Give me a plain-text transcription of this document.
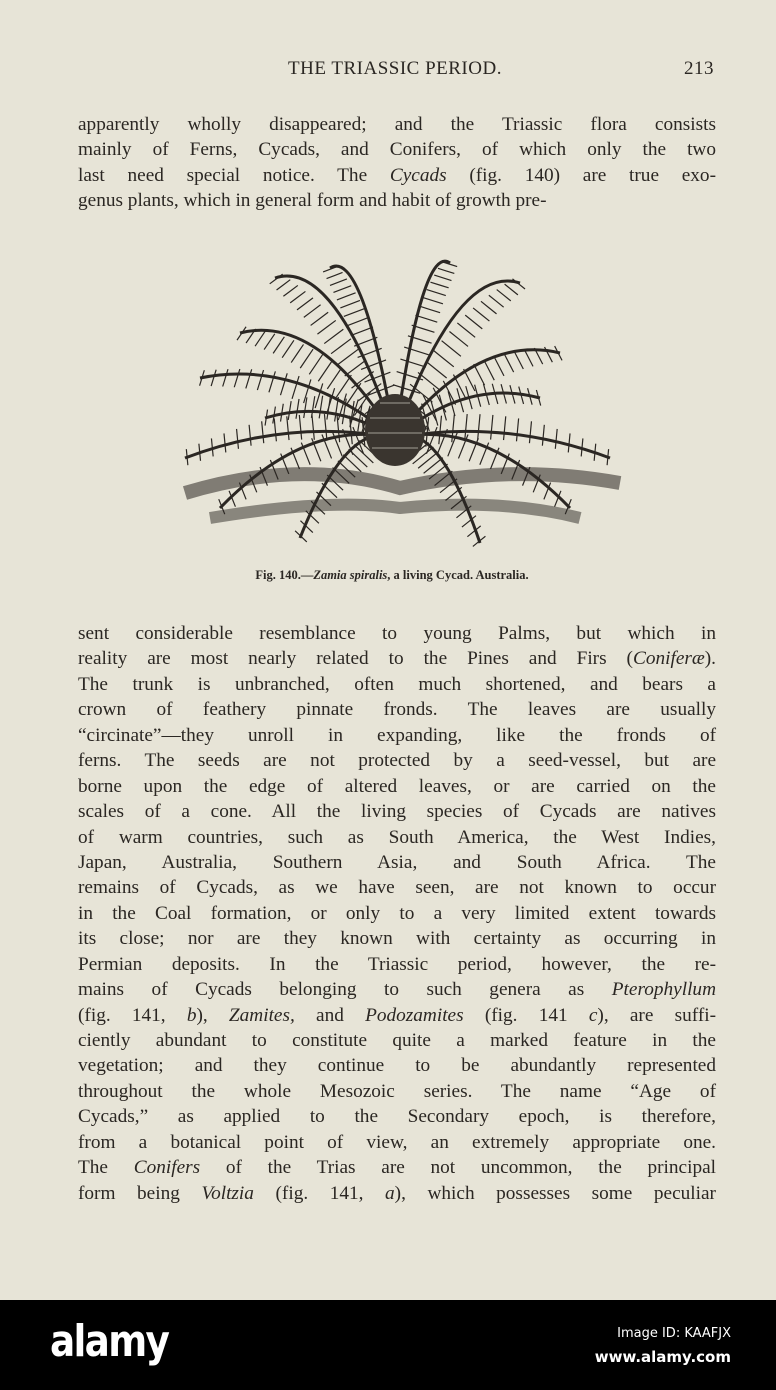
THE TRIASSIC PERIOD.	213
apparently wholly disappeared; and the Triassic flora consists
mainly of Ferns, Cycads, and Conifers, of which only the two
last need special notice. The Cycads (fig. 140) are true exo-
genus plants, which in general form and habit of growth pre-
Fig. 140.—Zamia spiralis, a living Cycad. Australia.
sent considerable resemblance to young Palms, but which in
reality are most nearly related to the Pines and Firs (Coniferæ).
The trunk is unbranched, often much shortened, and bears a
crown of feathery pinnate fronds. The leaves are usually
“circinate”—they unroll in expanding, like the fronds of
ferns. The seeds are not protected by a seed-vessel, but are
borne upon the edge of altered leaves, or are carried on the
scales of a cone. All the living species of Cycads are natives
of warm countries, such as South America, the West Indies,
Japan, Australia, Southern Asia, and South Africa. The
remains of Cycads, as we have seen, are not known to occur
in the Coal formation, or only to a very limited extent towards
its close; nor are they known with certainty as occurring in
Permian deposits. In the Triassic period, however, the re-
mains of Cycads belonging to such genera as Pterophyllum
(fig. 141, b), Zamites, and Podozamites (fig. 141 c), are suffi-
ciently abundant to constitute quite a marked feature in the
vegetation; and they continue to be abundantly represented
throughout the whole Mesozoic series. The name “Age of
Cycads,” as applied to the Secondary epoch, is therefore,
from a botanical point of view, an extremely appropriate one.
The Conifers of the Trias are not uncommon, the principal
form being Voltzia (fig. 141, a), which possesses some peculiar
alamy	Image ID: KAAFJX
www.alamy.com
